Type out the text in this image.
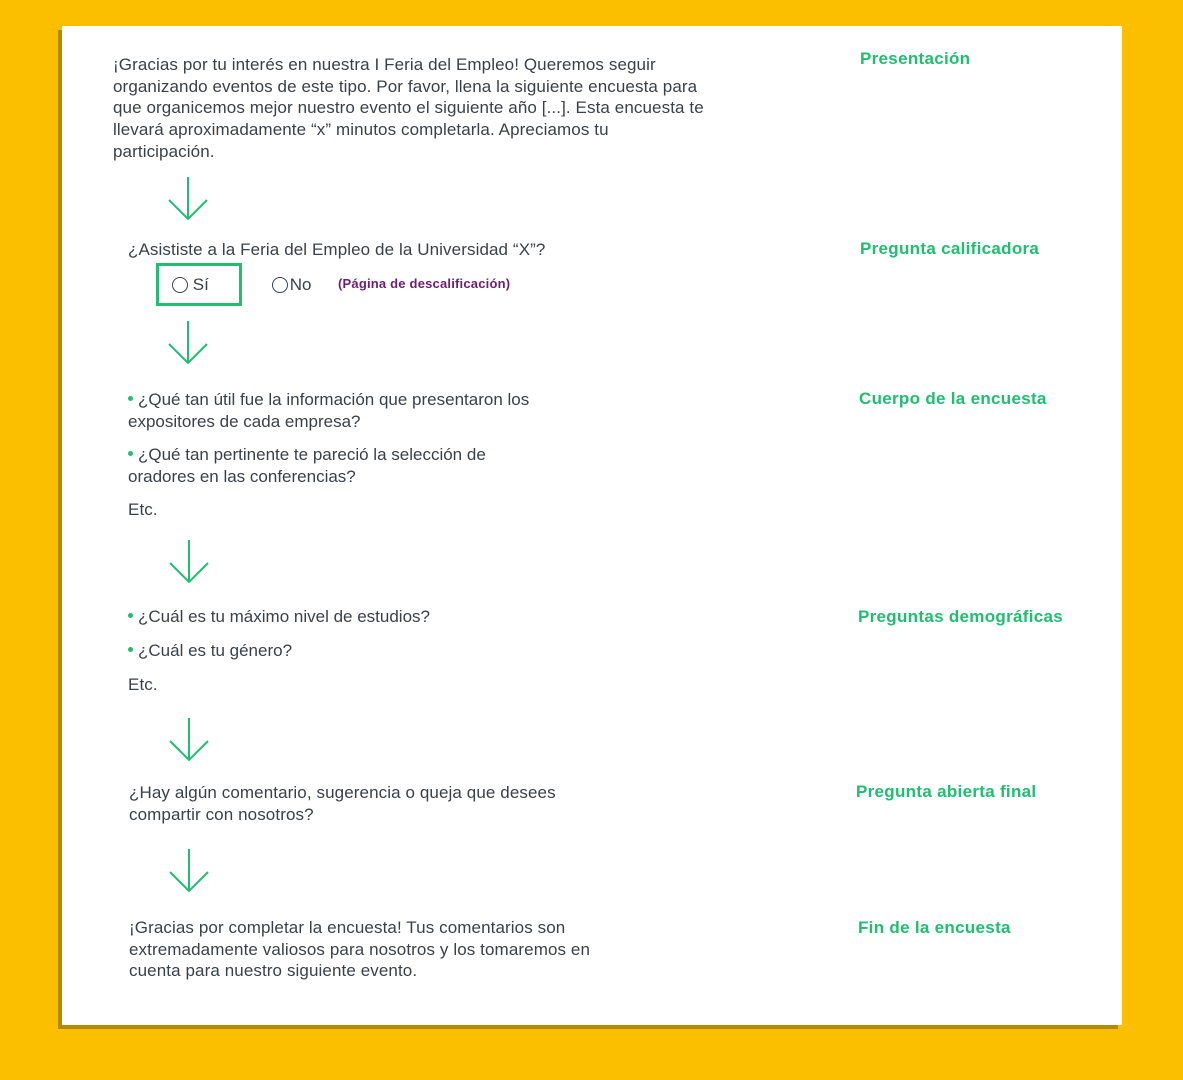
¡Gracias por tu interés en nuestra I Feria del Empleo! Queremos seguir
organizando eventos de este tipo. Por favor, llena la siguiente encuesta para
que organicemos mejor nuestro evento el siguiente año [...]. Esta encuesta te
llevará aproximadamente “x” minutos completarla. Apreciamos tu
participación.
Presentación
¿Asististe a la Feria del Empleo de la Universidad “X”?	Pregunta calificadora
Sí	No (Página de descalificación)
¿Qué tan útil fue la información que presentaron los
expositores de cada empresa?
¿Qué tan pertinente te pareció la selección de
oradores en las conferencias?
Etc.
Cuerpo de la encuesta
¿Cuál es tu máximo nivel de estudios?
¿Cuál es tu género?
Etc.
Preguntas demográficas
¿Hay algún comentario, sugerencia o queja que desees
compartir con nosotros?
Pregunta abierta final
¡Gracias por completar la encuesta! Tus comentarios son
extremadamente valiosos para nosotros y los tomaremos en
cuenta para nuestro siguiente evento.
Fin de la encuesta
